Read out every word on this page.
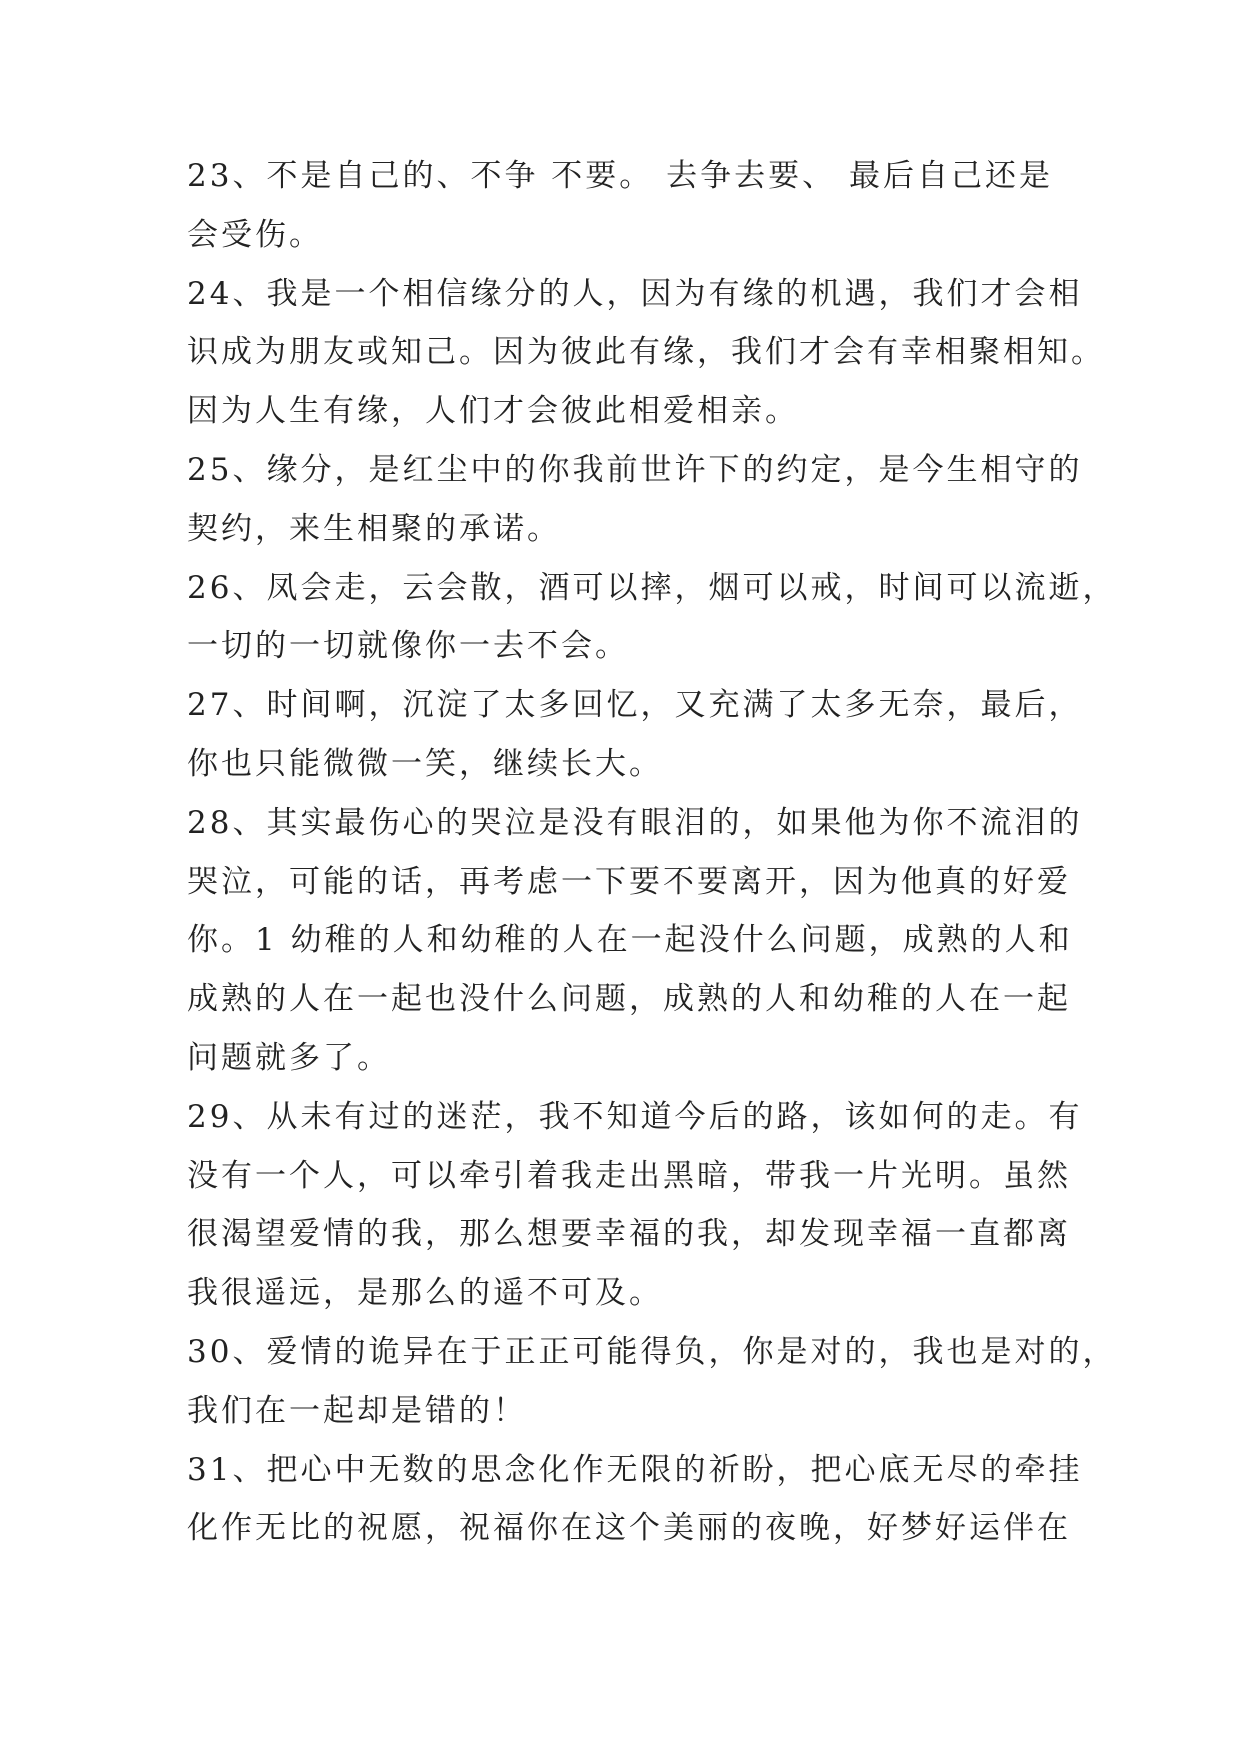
23、不是自己的、不争 不要。 去争去要、 最后自己还是
会受伤。
24、我是一个相信缘分的人，因为有缘的机遇，我们才会相
识成为朋友或知己。因为彼此有缘，我们才会有幸相聚相知。
因为人生有缘，人们才会彼此相爱相亲。
25、缘分，是红尘中的你我前世许下的约定，是今生相守的
契约，来生相聚的承诺。
26、凤会走，云会散，酒可以摔，烟可以戒，时间可以流逝，
一切的一切就像你一去不会。
27、时间啊，沉淀了太多回忆，又充满了太多无奈，最后，
你也只能微微一笑，继续长大。
28、其实最伤心的哭泣是没有眼泪的，如果他为你不流泪的
哭泣，可能的话，再考虑一下要不要离开，因为他真的好爱
你。1 幼稚的人和幼稚的人在一起没什么问题，成熟的人和
成熟的人在一起也没什么问题，成熟的人和幼稚的人在一起
问题就多了。
29、从未有过的迷茫，我不知道今后的路，该如何的走。有
没有一个人，可以牵引着我走出黑暗，带我一片光明。虽然
很渴望爱情的我，那么想要幸福的我，却发现幸福一直都离
我很遥远，是那么的遥不可及。
30、爱情的诡异在于正正可能得负，你是对的，我也是对的，
我们在一起却是错的！
31、把心中无数的思念化作无限的祈盼，把心底无尽的牵挂
化作无比的祝愿，祝福你在这个美丽的夜晚，好梦好运伴在
